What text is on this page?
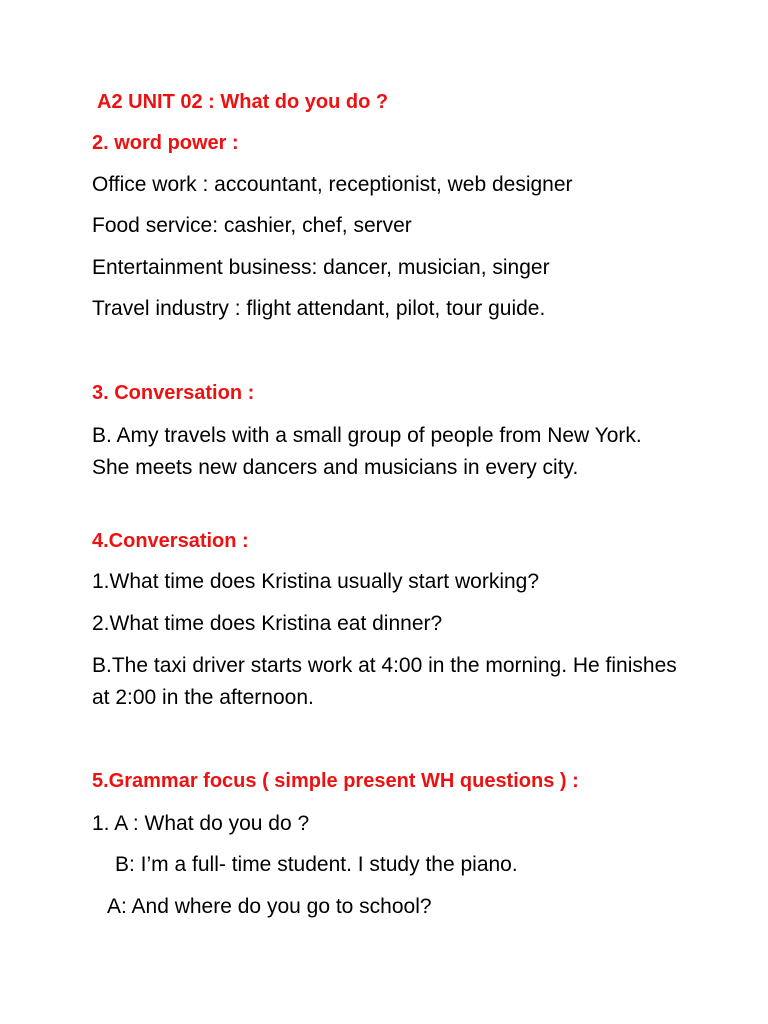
A2 UNIT 02 : What do you do ?
2. word power :
Office work : accountant, receptionist, web designer
Food service: cashier, chef, server
Entertainment business: dancer, musician, singer
Travel industry : flight attendant, pilot, tour guide.
3. Conversation :
B. Amy travels with a small group of people from New York. She meets new dancers and musicians in every city.
4.Conversation :
1.What time does Kristina usually start working?
2.What time does Kristina eat dinner?
B.The taxi driver starts work at 4:00 in the morning. He finishes at 2:00 in the afternoon.
5.Grammar focus ( simple present WH questions ) :
1. A : What do you do ?
B: I’m a full- time student. I study the piano.
A: And where do you go to school?
